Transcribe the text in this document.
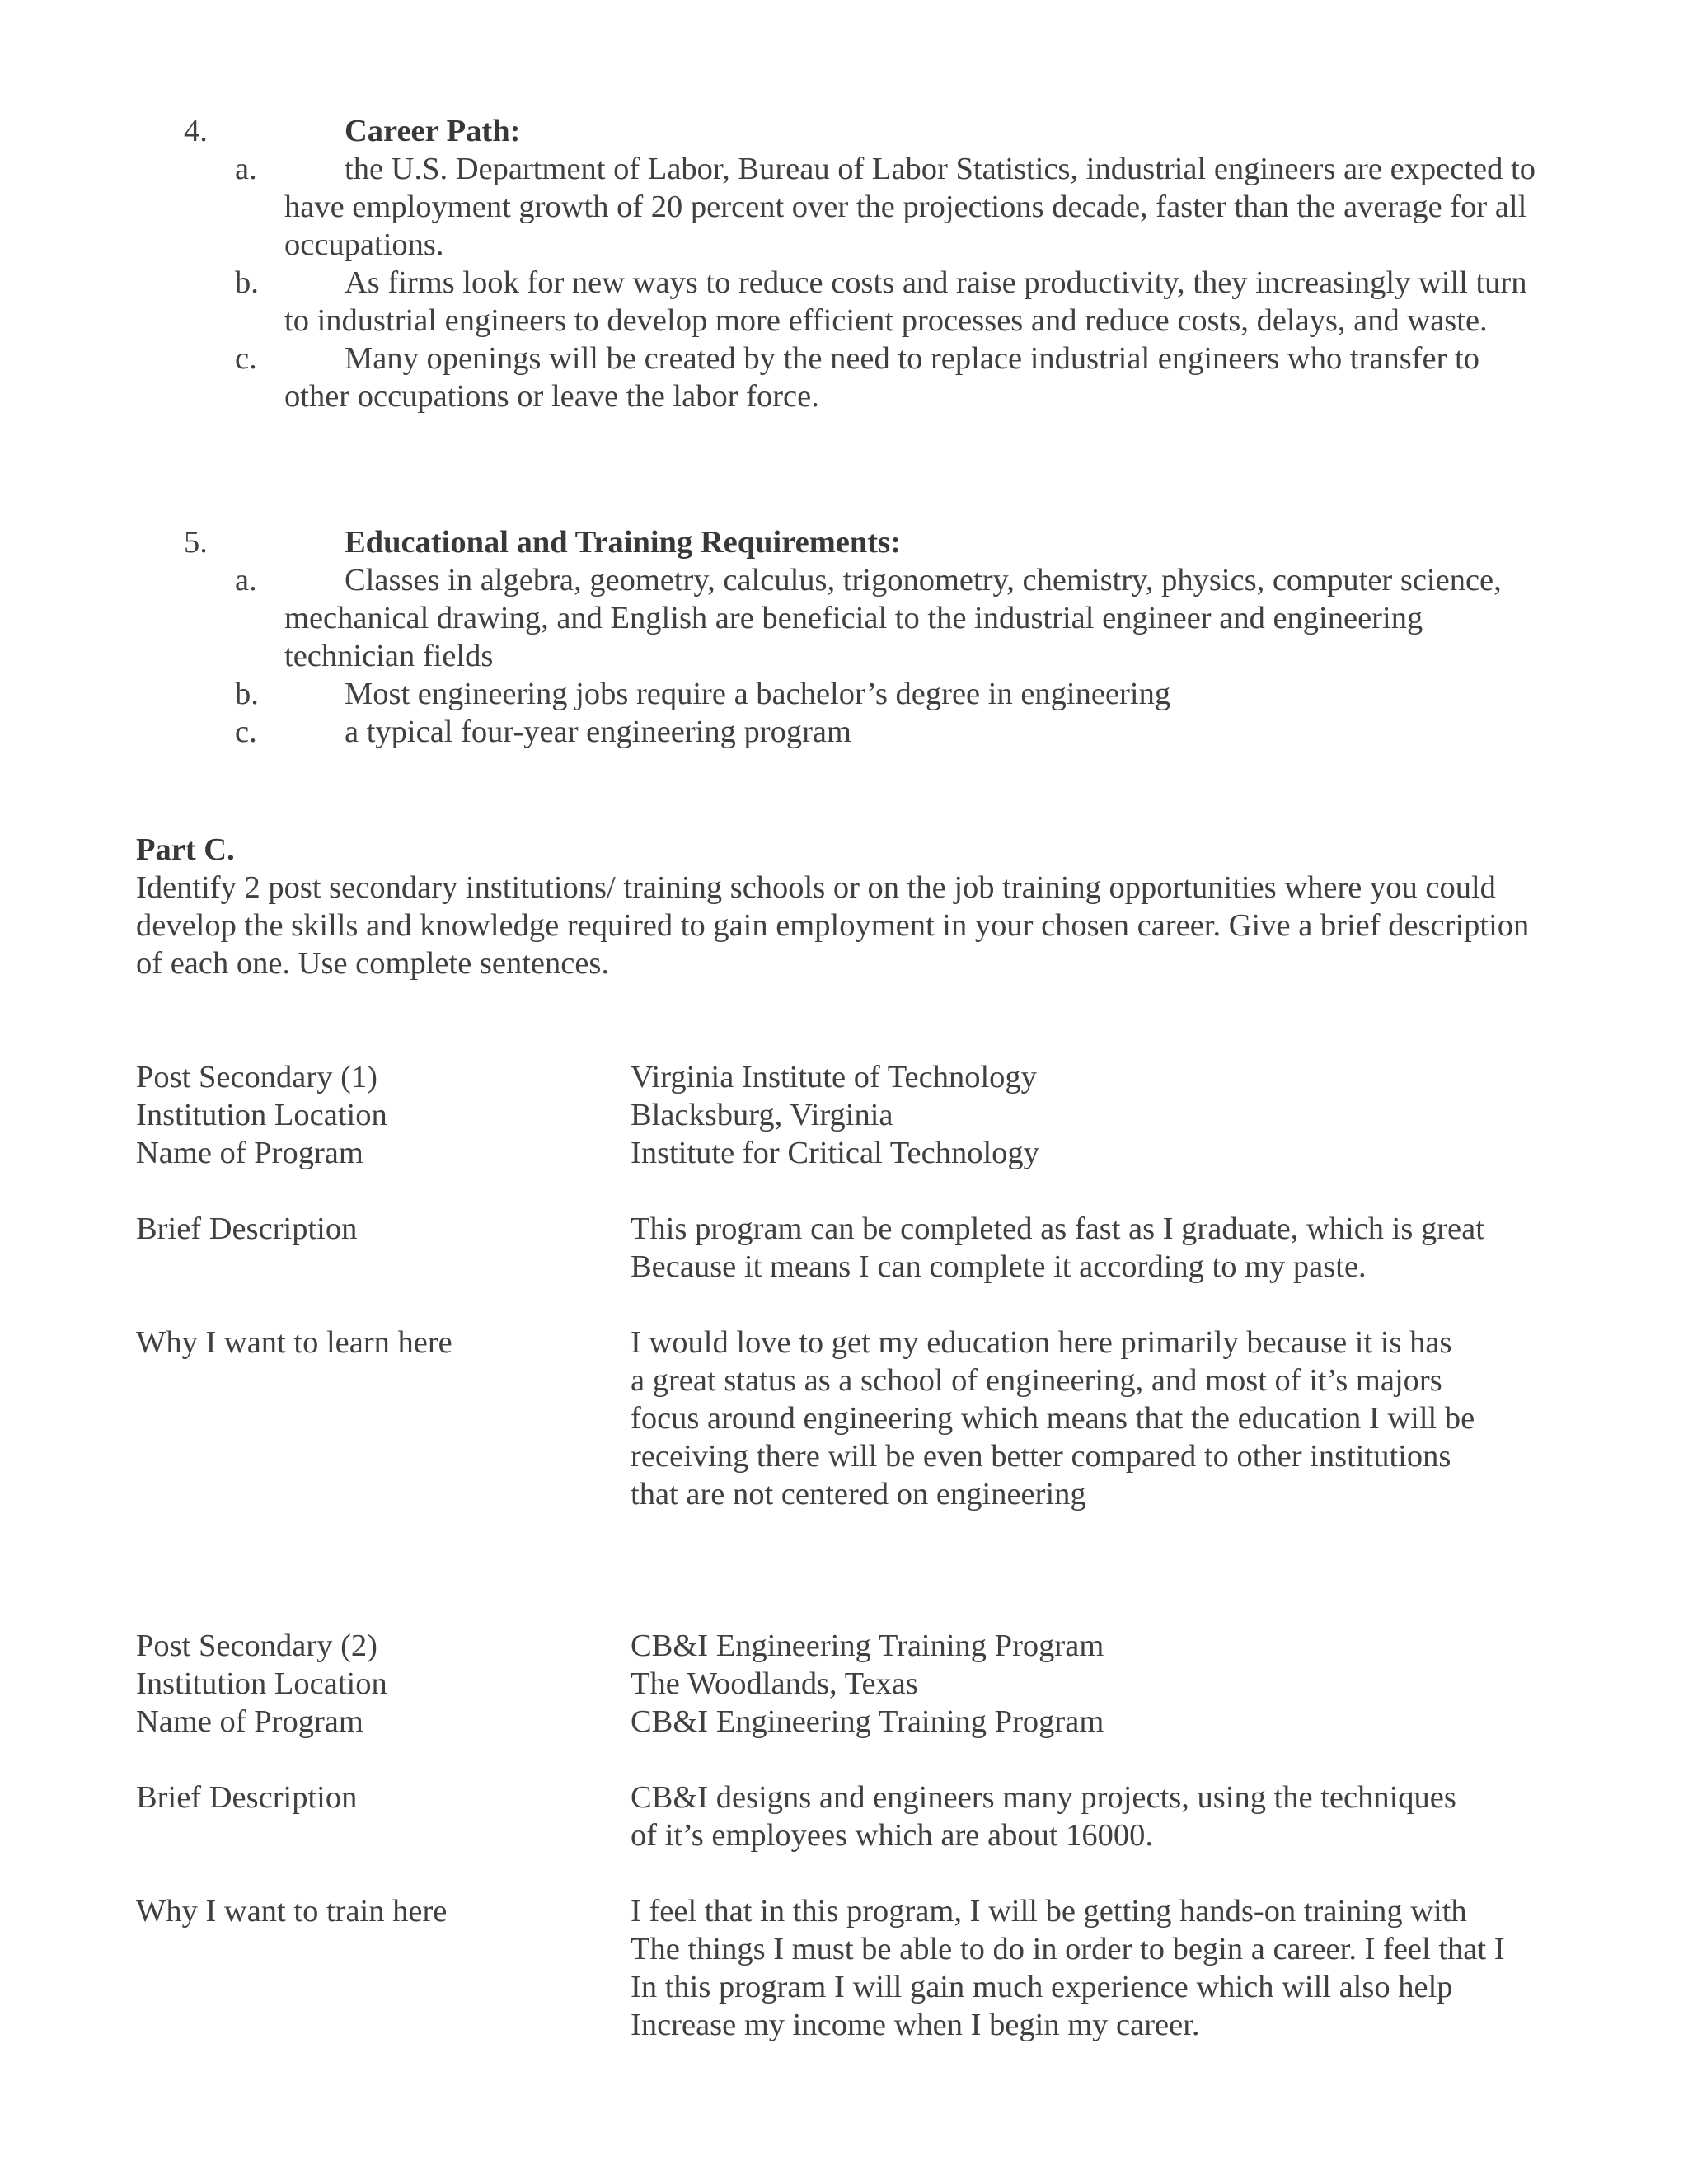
4.	Career Path:
a.	the U.S. Department of Labor, Bureau of Labor Statistics, industrial engineers are expected to have employment growth of 20 percent over the projections decade, faster than the average for all occupations.
b.	As firms look for new ways to reduce costs and raise productivity, they increasingly will turn to industrial engineers to develop more efficient processes and reduce costs, delays, and waste.
c.	Many openings will be created by the need to replace industrial engineers who transfer to other occupations or leave the labor force.
5.	Educational and Training Requirements:
a.	Classes in algebra, geometry, calculus, trigonometry, chemistry, physics, computer science, mechanical drawing, and English are beneficial to the industrial engineer and engineering technician fields
b.	Most engineering jobs require a bachelor’s degree in engineering
c.	a typical four-year engineering program
Part C.
Identify 2 post secondary institutions/ training schools or on the job training opportunities where you could develop the skills and knowledge required to gain employment in your chosen career. Give a brief description of each one. Use complete sentences.
Post Secondary (1)	Virginia Institute of Technology
Institution Location	Blacksburg, Virginia
Name of Program	Institute for Critical Technology
Brief Description	This program can be completed as fast as I graduate, which is great
Because it means I can complete it according to my paste.
Why I want to learn here	I would love to get my education here primarily because it is has
a great status as a school of engineering, and most of it’s majors
focus around engineering which means that the education I will be
receiving there will be even better compared to other institutions
that are not centered on engineering
Post Secondary (2)	CB&I Engineering Training Program
Institution Location	The Woodlands, Texas
Name of Program	CB&I Engineering Training Program
Brief Description	CB&I designs and engineers many projects, using the techniques
of it’s employees which are about 16000.
Why I want to train here	I feel that in this program, I will be getting hands-on training with
The things I must be able to do in order to begin a career. I feel that I
In this program I will gain much experience which will also help
Increase my income when I begin my career.
